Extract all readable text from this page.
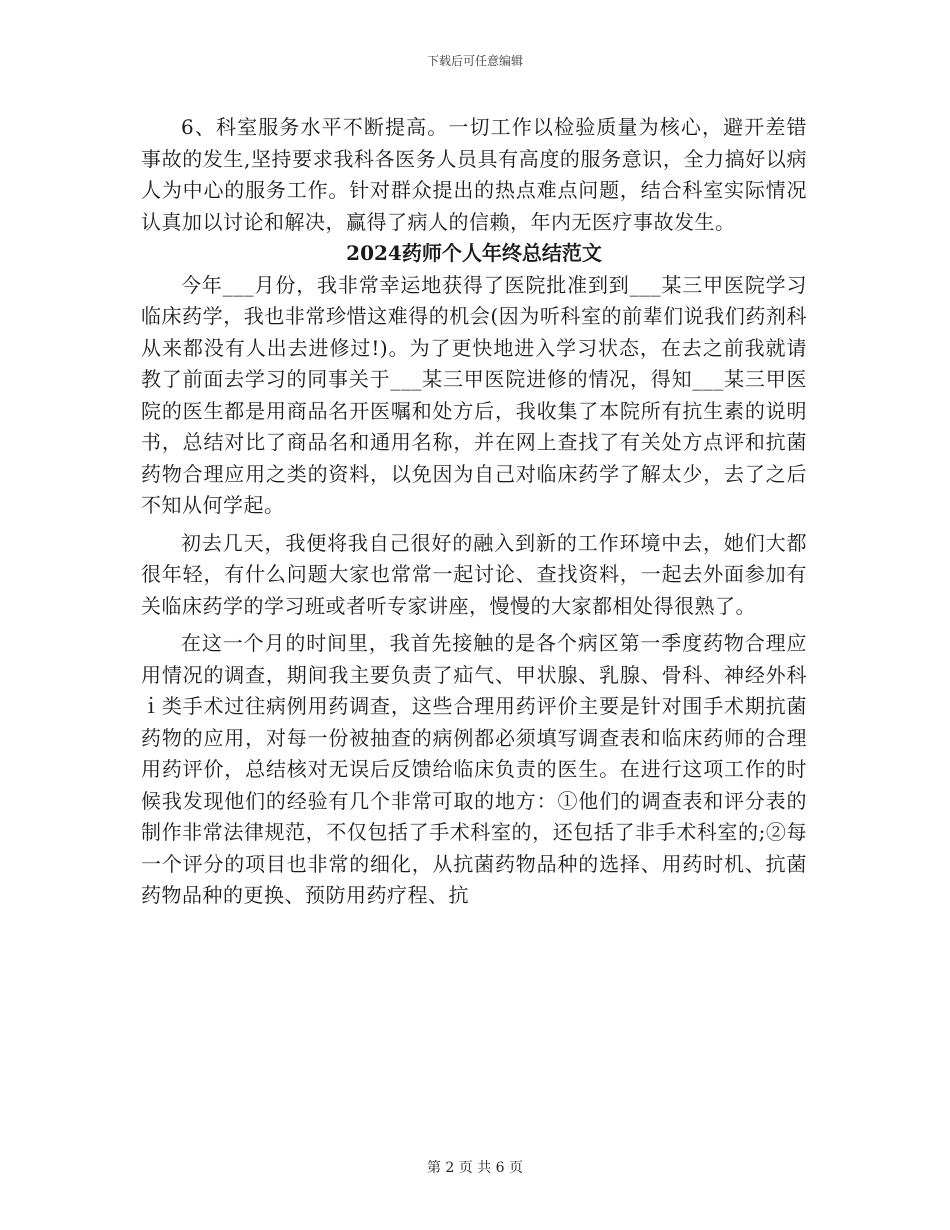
下载后可任意编辑

6、科室服务水平不断提高。一切工作以检验质量为核心，避开差错事故的发生,坚持要求我科各医务人员具有高度的服务意识，全力搞好以病人为中心的服务工作。针对群众提出的热点难点问题，结合科室实际情况认真加以讨论和解决，赢得了病人的信赖，年内无医疗事故发生。

2024药师个人年终总结范文

今年___月份，我非常幸运地获得了医院批准到到___某三甲医院学习临床药学，我也非常珍惜这难得的机会(因为听科室的前辈们说我们药剂科从来都没有人出去进修过!)。为了更快地进入学习状态，在去之前我就请教了前面去学习的同事关于___某三甲医院进修的情况，得知___某三甲医院的医生都是用商品名开医嘱和处方后，我收集了本院所有抗生素的说明书，总结对比了商品名和通用名称，并在网上查找了有关处方点评和抗菌药物合理应用之类的资料，以免因为自己对临床药学了解太少，去了之后不知从何学起。

初去几天，我便将我自己很好的融入到新的工作环境中去，她们大都很年轻，有什么问题大家也常常一起讨论、查找资料，一起去外面参加有关临床药学的学习班或者听专家讲座，慢慢的大家都相处得很熟了。

在这一个月的时间里，我首先接触的是各个病区第一季度药物合理应用情况的调查，期间我主要负责了疝气、甲状腺、乳腺、骨科、神经外科ｉ类手术过往病例用药调查，这些合理用药评价主要是针对围手术期抗菌药物的应用，对每一份被抽查的病例都必须填写调查表和临床药师的合理用药评价，总结核对无误后反馈给临床负责的医生。在进行这项工作的时候我发现他们的经验有几个非常可取的地方：①他们的调查表和评分表的制作非常法律规范，不仅包括了手术科室的，还包括了非手术科室的;②每一个评分的项目也非常的细化，从抗菌药物品种的选择、用药时机、抗菌药物品种的更换、预防用药疗程、抗

第 2 页 共 6 页
